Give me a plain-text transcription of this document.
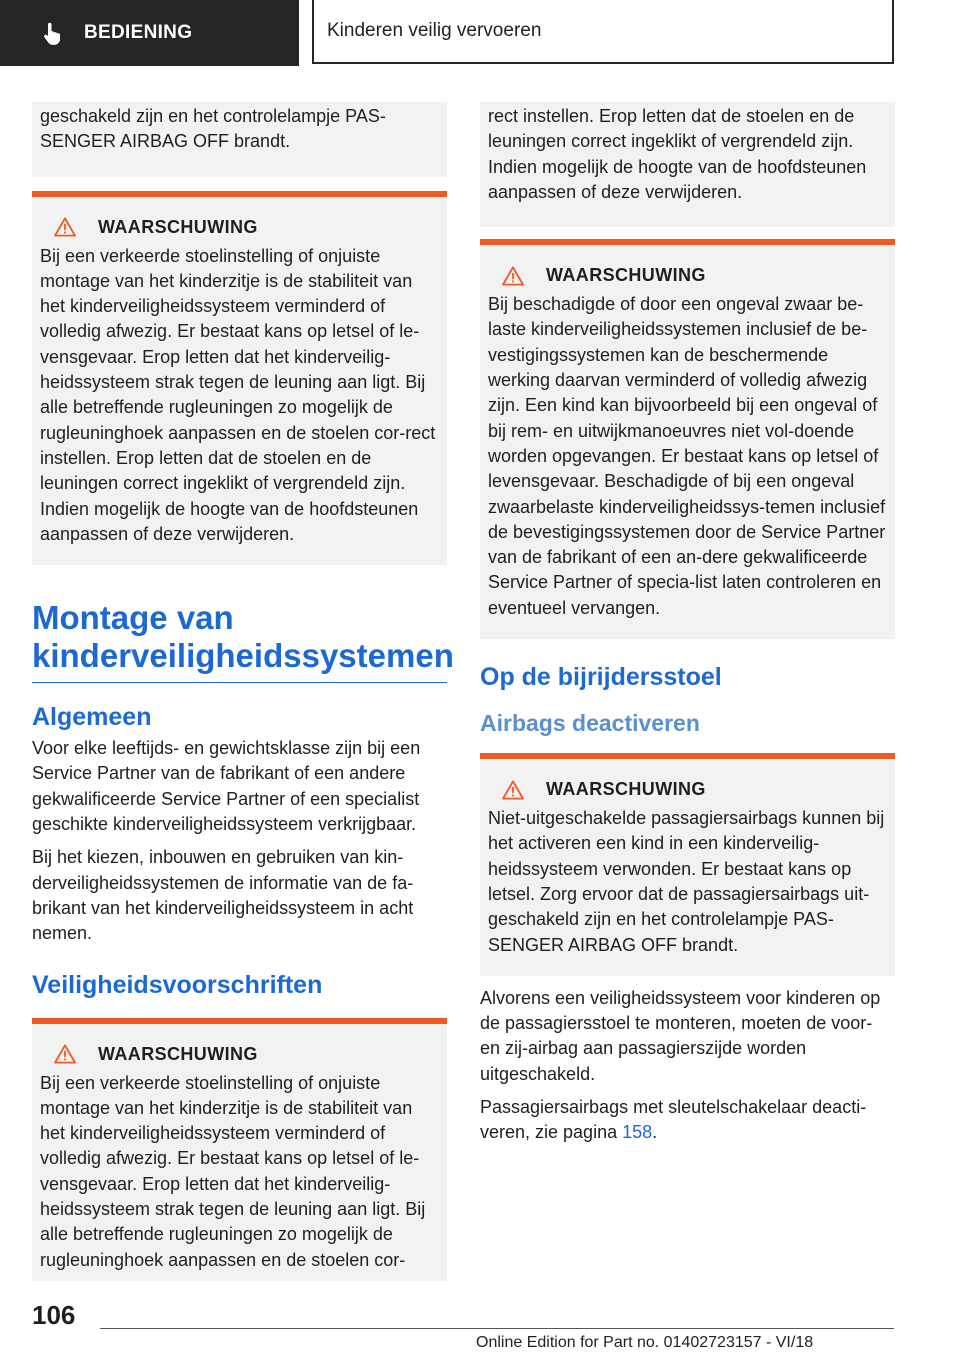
BEDIENING	Kinderen veilig vervoeren

geschakeld zijn en het controlelampje PAS-SENGER AIRBAG OFF brandt.

WAARSCHUWING

Bij een verkeerde stoelinstelling of onjuiste montage van het kinderzitje is de stabiliteit van het kinderveiligheidssysteem verminderd of volledig afwezig. Er bestaat kans op letsel of le-vensgevaar. Erop letten dat het kinderveilig-heidssysteem strak tegen de leuning aan ligt. Bij alle betreffende rugleuningen zo mogelijk de rugleuninghoek aanpassen en de stoelen cor-rect instellen. Erop letten dat de stoelen en de leuningen correct ingeklikt of vergrendeld zijn. Indien mogelijk de hoogte van de hoofdsteunen aanpassen of deze verwijderen.

Montage van kinderveiligheidssystemen
Algemeen

Voor elke leeftijds- en gewichtsklasse zijn bij een Service Partner van de fabrikant of een andere gekwalificeerde Service Partner of een specialist geschikte kinderveiligheidssysteem verkrijgbaar.

Bij het kiezen, inbouwen en gebruiken van kin-derveiligheidssystemen de informatie van de fa-brikant van het kinderveiligheidssysteem in acht nemen.

Veiligheidsvoorschriften
WAARSCHUWING

Bij een verkeerde stoelinstelling of onjuiste montage van het kinderzitje is de stabiliteit van het kinderveiligheidssysteem verminderd of volledig afwezig. Er bestaat kans op letsel of le-vensgevaar. Erop letten dat het kinderveilig-heidssysteem strak tegen de leuning aan ligt. Bij alle betreffende rugleuningen zo mogelijk de rugleuninghoek aanpassen en de stoelen cor-

rect instellen. Erop letten dat de stoelen en de leuningen correct ingeklikt of vergrendeld zijn. Indien mogelijk de hoogte van de hoofdsteunen aanpassen of deze verwijderen.

WAARSCHUWING

Bij beschadigde of door een ongeval zwaar be-laste kinderveiligheidssystemen inclusief de be-vestigingssystemen kan de beschermende werking daarvan verminderd of volledig afwezig zijn. Een kind kan bijvoorbeeld bij een ongeval of bij rem- en uitwijkmanoeuvres niet vol-doende worden opgevangen. Er bestaat kans op letsel of levensgevaar. Beschadigde of bij een ongeval zwaarbelaste kinderveiligheidssys-temen inclusief de bevestigingssystemen door de Service Partner van de fabrikant of een an-dere gekwalificeerde Service Partner of specia-list laten controleren en eventueel vervangen.

Op de bijrijdersstoel
Airbags deactiveren
WAARSCHUWING

Niet-uitgeschakelde passagiersairbags kunnen bij het activeren een kind in een kinderveilig-heidssysteem verwonden. Er bestaat kans op letsel. Zorg ervoor dat de passagiersairbags uit-geschakeld zijn en het controlelampje PAS-SENGER AIRBAG OFF brandt.

Alvorens een veiligheidssysteem voor kinderen op de passagiersstoel te monteren, moeten de voor- en zij-airbag aan passagierszijde worden uitgeschakeld.

Passagiersairbags met sleutelschakelaar deacti-veren, zie pagina 158.

106
Online Edition for Part no. 01402723157 - VI/18
